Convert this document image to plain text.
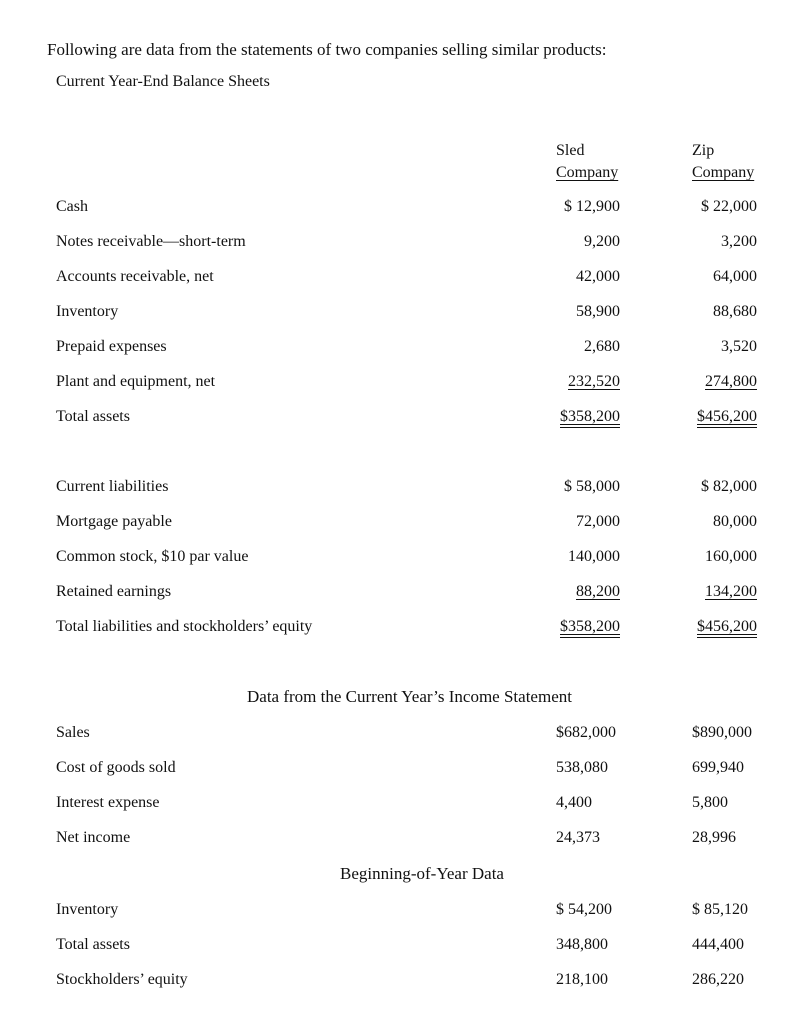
Following are data from the statements of two companies selling similar products:
Current Year-End Balance Sheets
Sled
Company
Zip
Company
Cash	$ 12,900	$ 22,000
Notes receivable—short-term	9,200	3,200
Accounts receivable, net	42,000	64,000
Inventory	58,900	88,680
Prepaid expenses	2,680	3,520
Plant and equipment, net	232,520	274,800
Total assets	$358,200	$456,200
Current liabilities	$ 58,000	$ 82,000
Mortgage payable	72,000	80,000
Common stock, $10 par value	140,000	160,000
Retained earnings	88,200	134,200
Total liabilities and stockholders’ equity	$358,200	$456,200
Data from the Current Year’s Income Statement
Sales	$682,000	$890,000
Cost of goods sold	538,080	699,940
Interest expense	4,400	5,800
Net income	24,373	28,996
Beginning-of-Year Data
Inventory	$ 54,200	$ 85,120
Total assets	348,800	444,400
Stockholders’ equity	218,100	286,220
